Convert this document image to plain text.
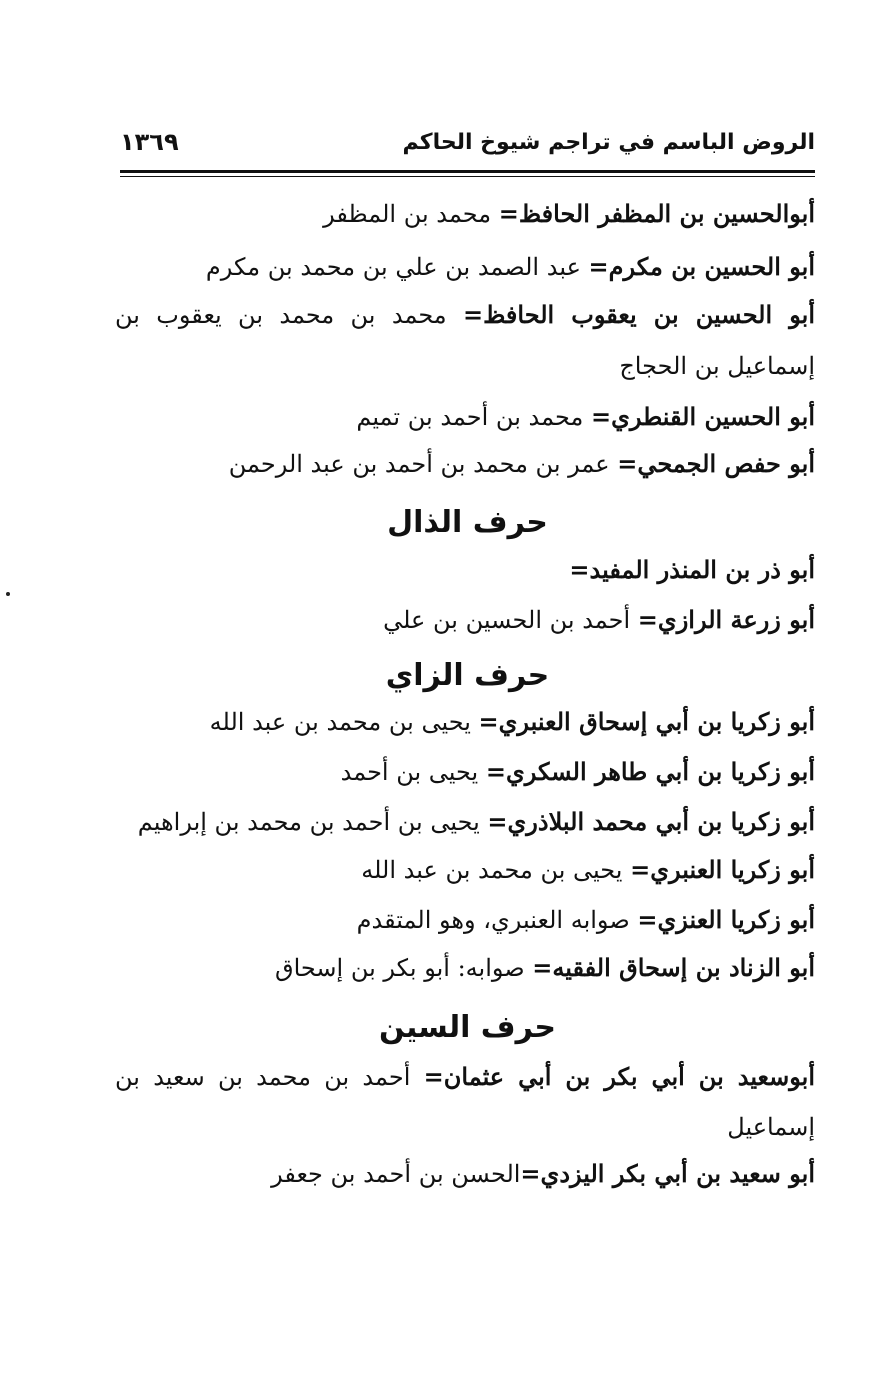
الروض الباسم في تراجم شيوخ الحاكم
١٣٦٩
أبوالحسين بن المظفر الحافظ= محمد بن المظفر
أبو الحسين بن مكرم= عبد الصمد بن علي بن محمد بن مكرم
أبو الحسين بن يعقوب الحافظ= محمد بن محمد بن يعقوب بن
إسماعيل بن الحجاج
أبو الحسين القنطري= محمد بن أحمد بن تميم
أبو حفص الجمحي= عمر بن محمد بن أحمد بن عبد الرحمن
حرف الذال
أبو ذر بن المنذر المفيد=
أبو زرعة الرازي= أحمد بن الحسين بن علي
حرف الزاي
أبو زكريا بن أبي إسحاق العنبري= يحيى بن محمد بن عبد الله
أبو زكريا بن أبي طاهر السكري= يحيى بن أحمد
أبو زكريا بن أبي محمد البلاذري= يحيى بن أحمد بن محمد بن إبراهيم
أبو زكريا العنبري= يحيى بن محمد بن عبد الله
أبو زكريا العنزي= صوابه العنبري، وهو المتقدم
أبو الزناد بن إسحاق الفقيه= صوابه: أبو بكر بن إسحاق
حرف السين
أبوسعيد بن أبي بكر بن أبي عثمان= أحمد بن محمد بن سعيد بن
إسماعيل
أبو سعيد بن أبي بكر اليزدي=الحسن بن أحمد بن جعفر
